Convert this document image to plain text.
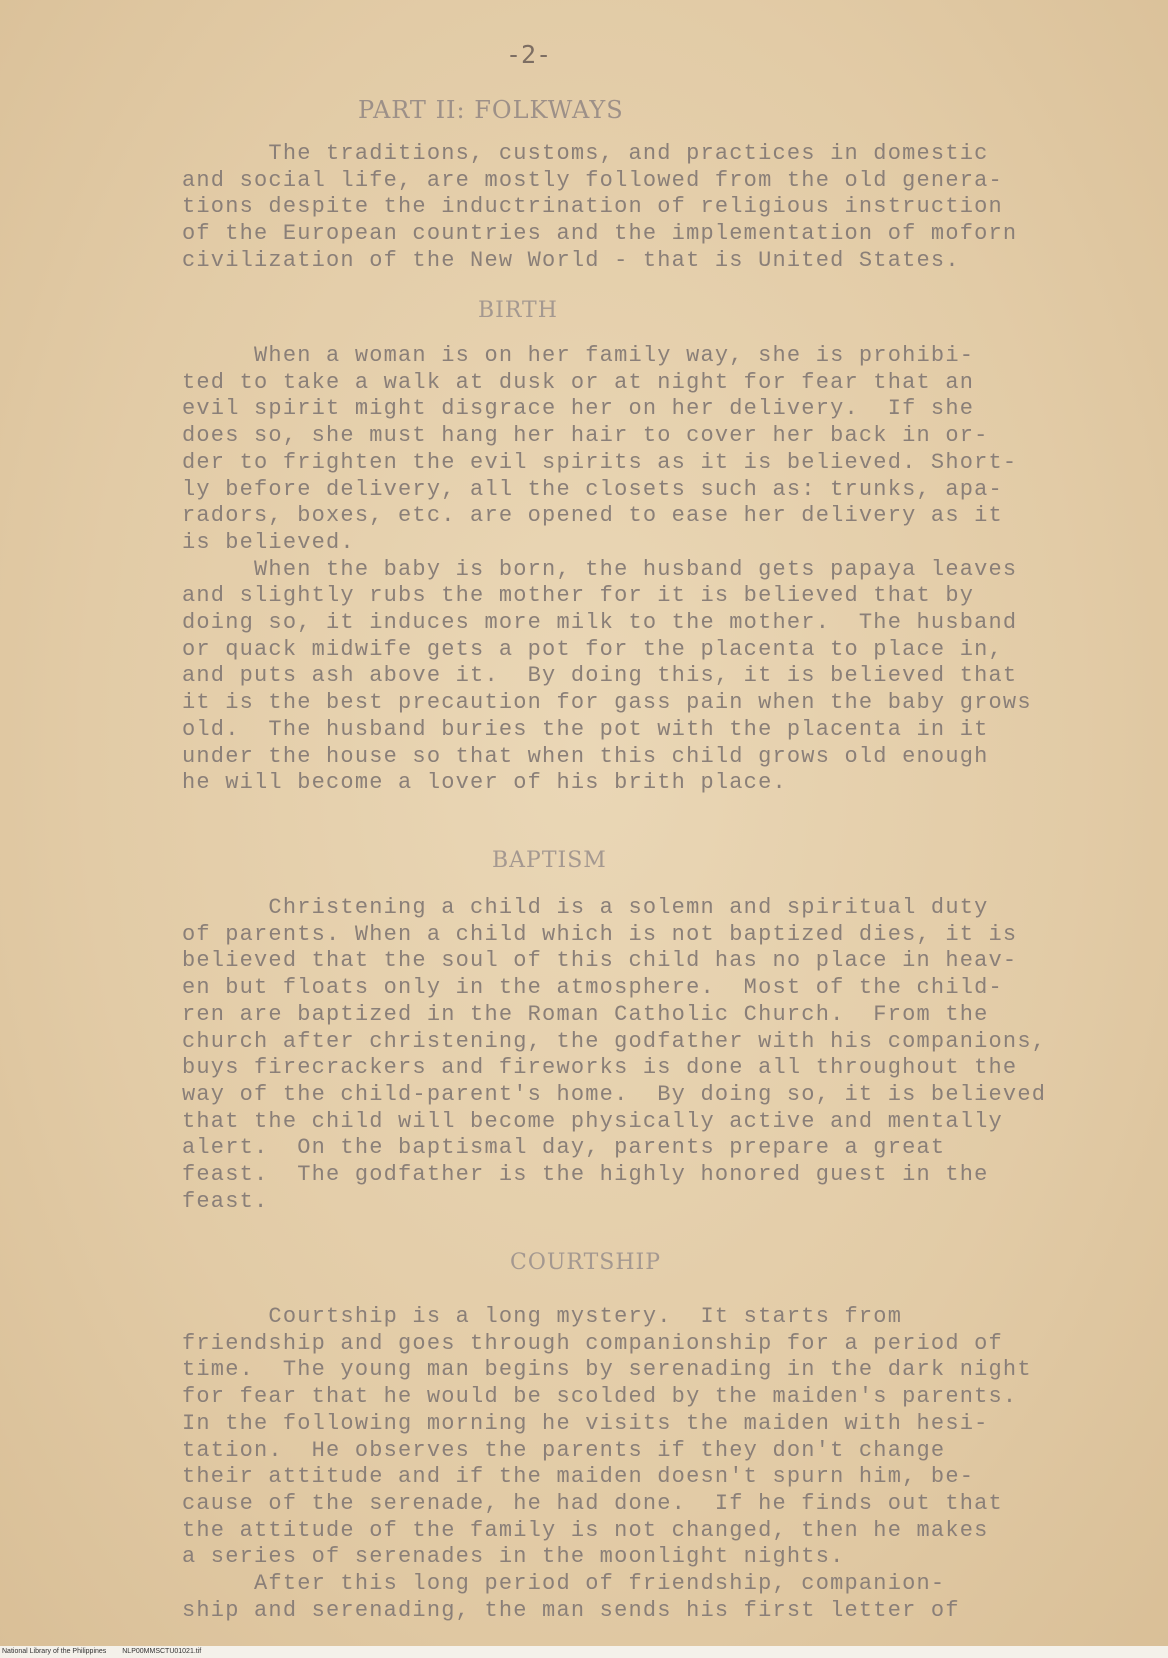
-2-
PART II: FOLKWAYS
The traditions, customs, and practices in domestic
and social life, are mostly followed from the old genera-
tions despite the inductrination of religious instruction
of the European countries and the implementation of moforn
civilization of the New World - that is United States.
BIRTH
When a woman is on her family way, she is prohibi-
ted to take a walk at dusk or at night for fear that an
evil spirit might disgrace her on her delivery.  If she
does so, she must hang her hair to cover her back in or-
der to frighten the evil spirits as it is believed. Short-
ly before delivery, all the closets such as: trunks, apa-
radors, boxes, etc. are opened to ease her delivery as it
is believed.
When the baby is born, the husband gets papaya leaves
and slightly rubs the mother for it is believed that by
doing so, it induces more milk to the mother.  The husband
or quack midwife gets a pot for the placenta to place in,
and puts ash above it.  By doing this, it is believed that
it is the best precaution for gass pain when the baby grows
old.  The husband buries the pot with the placenta in it
under the house so that when this child grows old enough
he will become a lover of his brith place.
BAPTISM
Christening a child is a solemn and spiritual duty
of parents. When a child which is not baptized dies, it is
believed that the soul of this child has no place in heav-
en but floats only in the atmosphere.  Most of the child-
ren are baptized in the Roman Catholic Church.  From the
church after christening, the godfather with his companions,
buys firecrackers and fireworks is done all throughout the
way of the child-parent's home.  By doing so, it is believed
that the child will become physically active and mentally
alert.  On the baptismal day, parents prepare a great
feast.  The godfather is the highly honored guest in the
feast.
COURTSHIP
Courtship is a long mystery.  It starts from
friendship and goes through companionship for a period of
time.  The young man begins by serenading in the dark night
for fear that he would be scolded by the maiden's parents.
In the following morning he visits the maiden with hesi-
tation.  He observes the parents if they don't change
their attitude and if the maiden doesn't spurn him, be-
cause of the serenade, he had done.  If he finds out that
the attitude of the family is not changed, then he makes
a series of serenades in the moonlight nights.
After this long period of friendship, companion-
ship and serenading, the man sends his first letter of
National Library of the Philippines NLP00MMSCTU01021.tif
